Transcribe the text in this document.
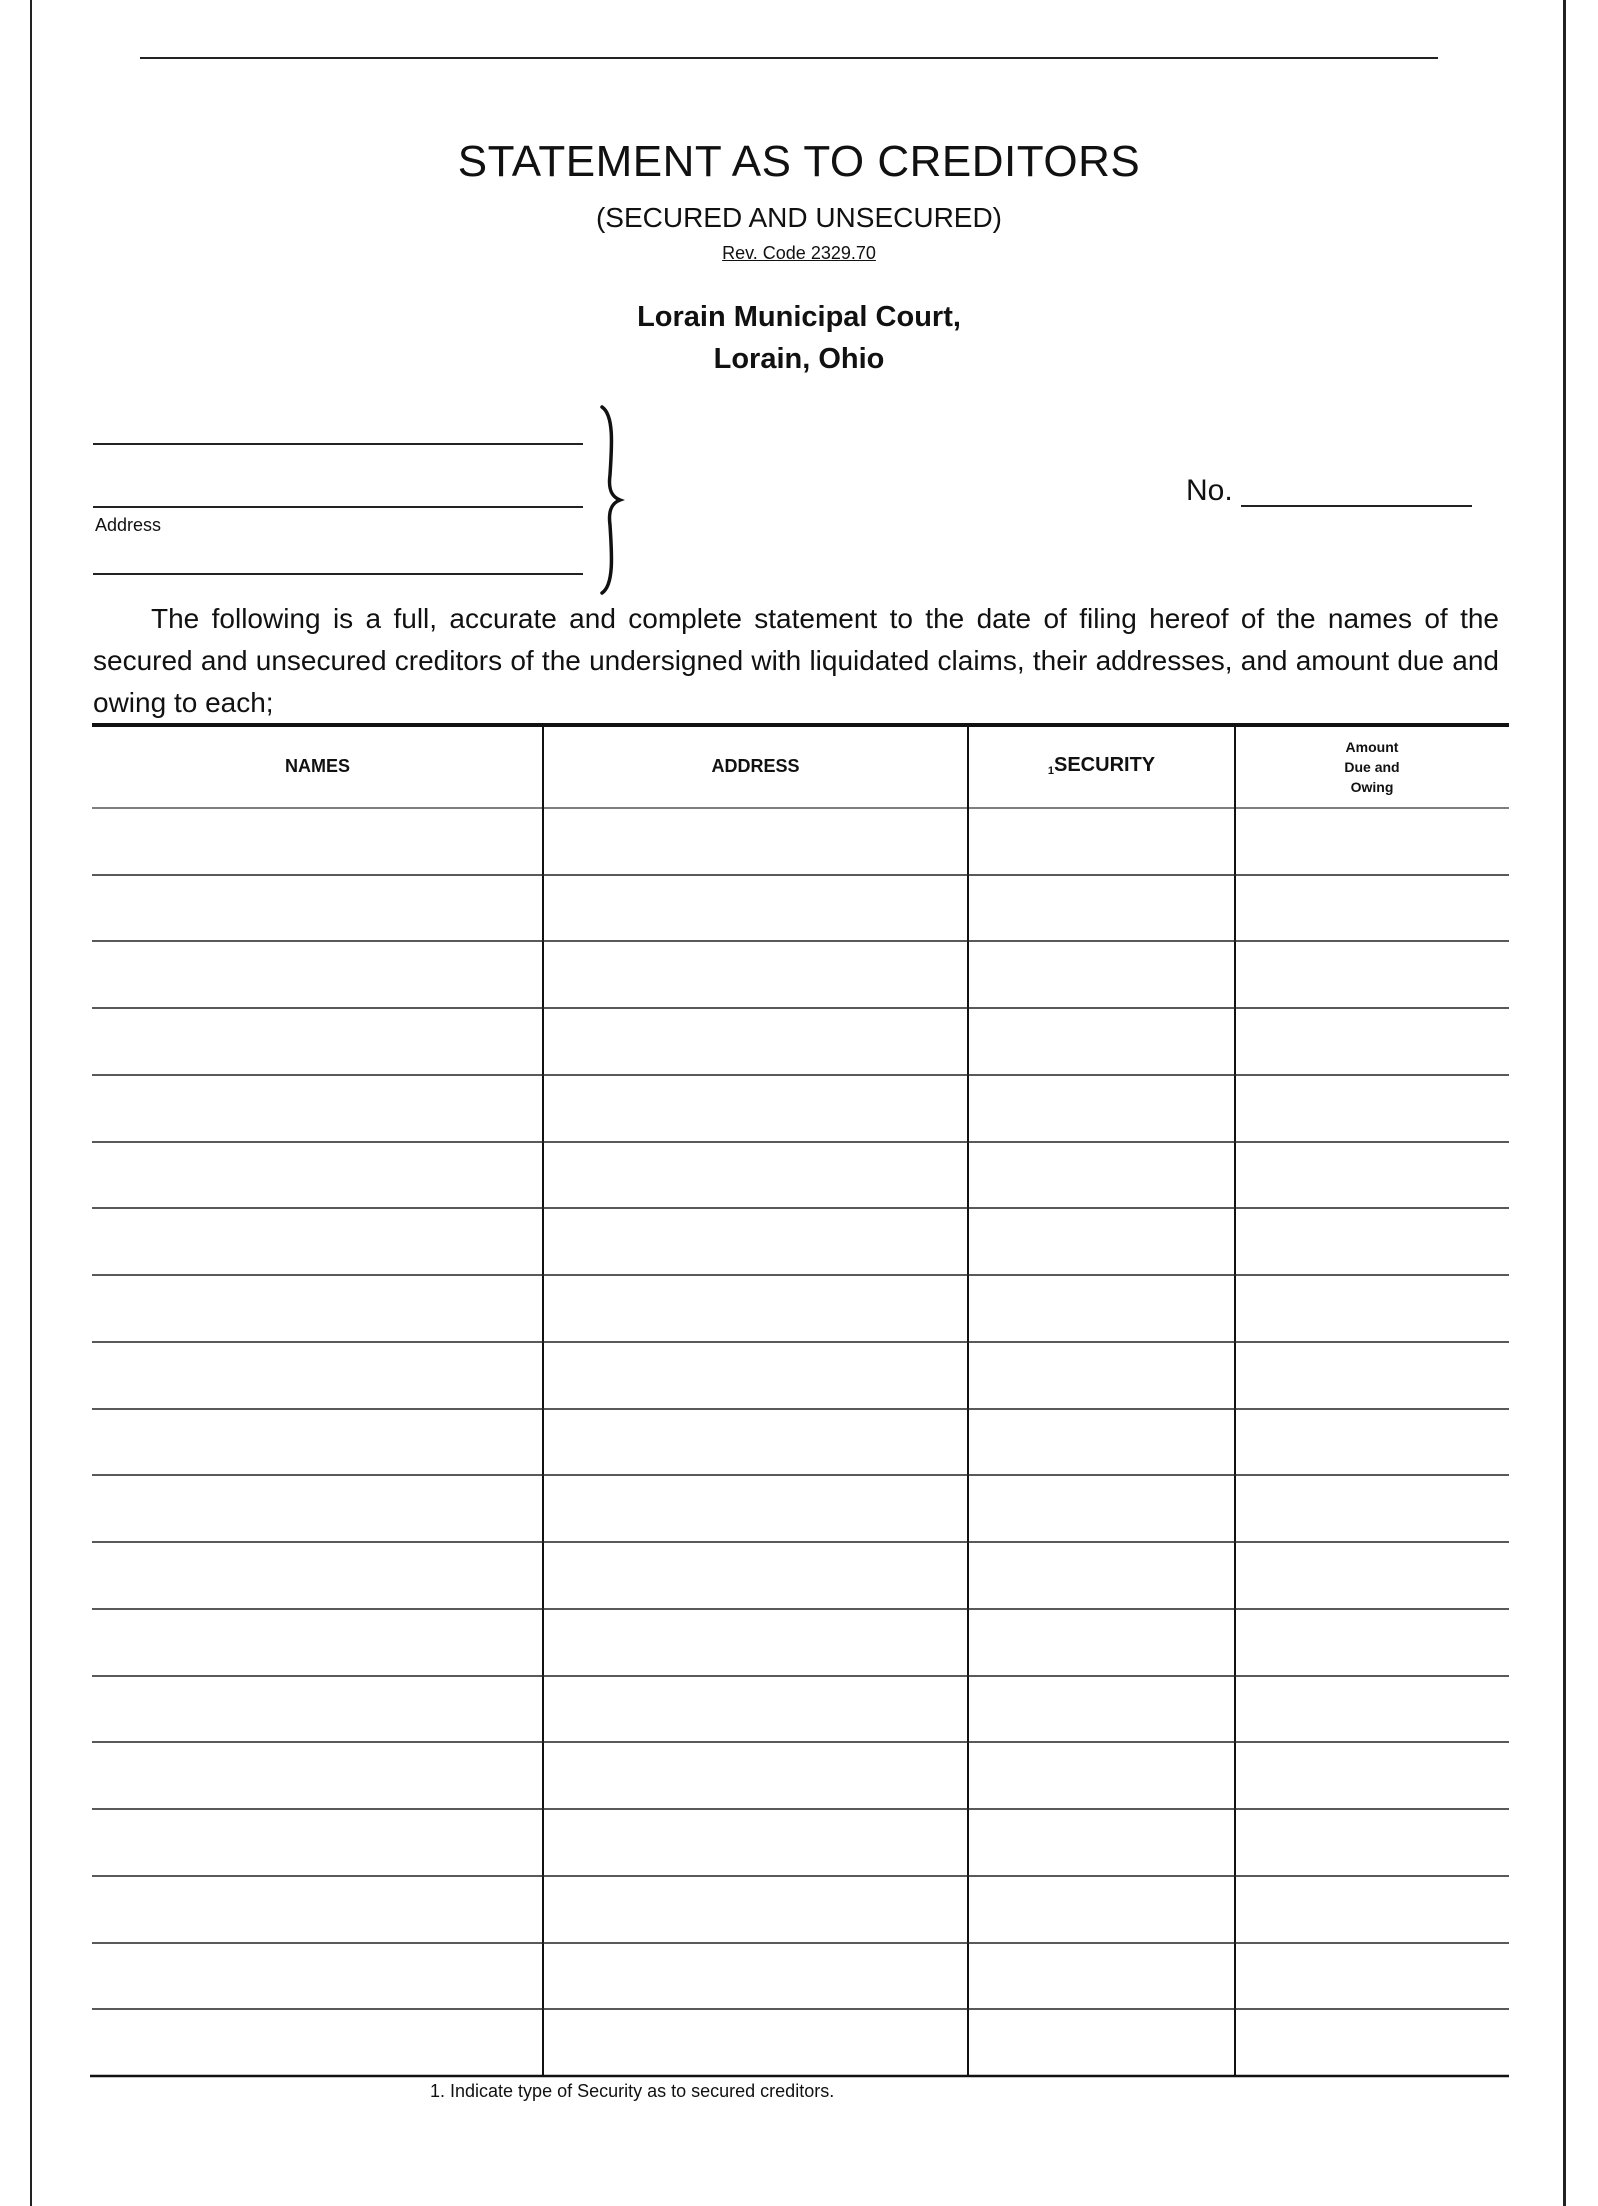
STATEMENT AS TO CREDITORS
(SECURED AND UNSECURED)
Rev. Code 2329.70
Lorain Municipal Court,
Lorain, Ohio
Address
No.
The following is a full, accurate and complete statement to the date of filing hereof of the names of the secured and unsecured creditors of the undersigned with liquidated claims, their addresses, and amount due and owing to each;
NAMES	ADDRESS	$_1$SECURITY
Amount
Due and
Owing
1. Indicate type of Security as to secured creditors.
